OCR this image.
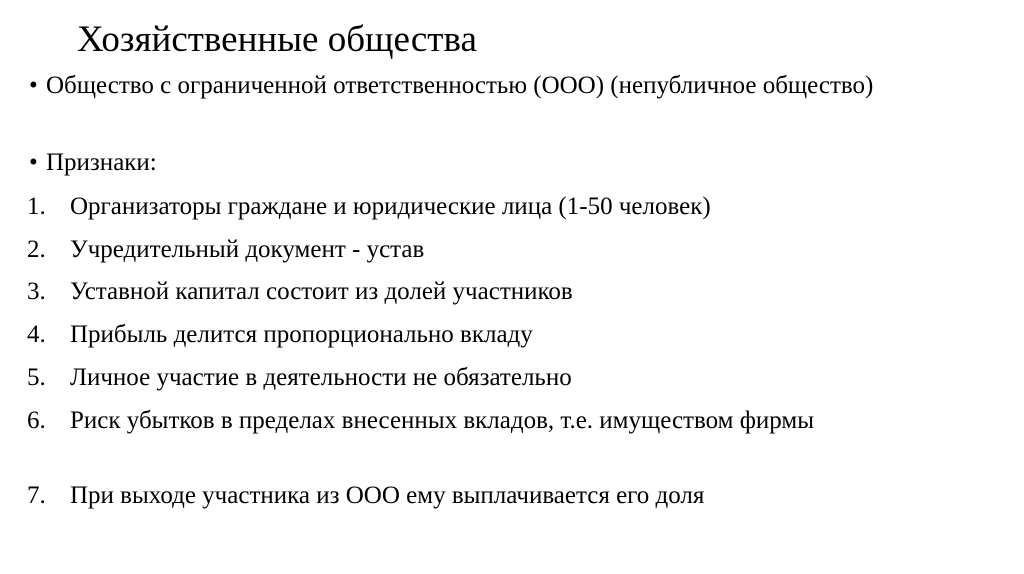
Хозяйственные общества
• Общество с ограниченной ответственностью (ООО) (непубличное общество)
• Признаки:
1. Организаторы граждане и юридические лица (1-50 человек)
2. Учредительный документ - устав
3. Уставной капитал состоит из долей участников
4. Прибыль делится пропорционально вкладу
5. Личное участие в деятельности не обязательно
6. Риск убытков в пределах внесенных вкладов, т.е. имуществом фирмы
7. При выходе участника из ООО ему выплачивается его доля
